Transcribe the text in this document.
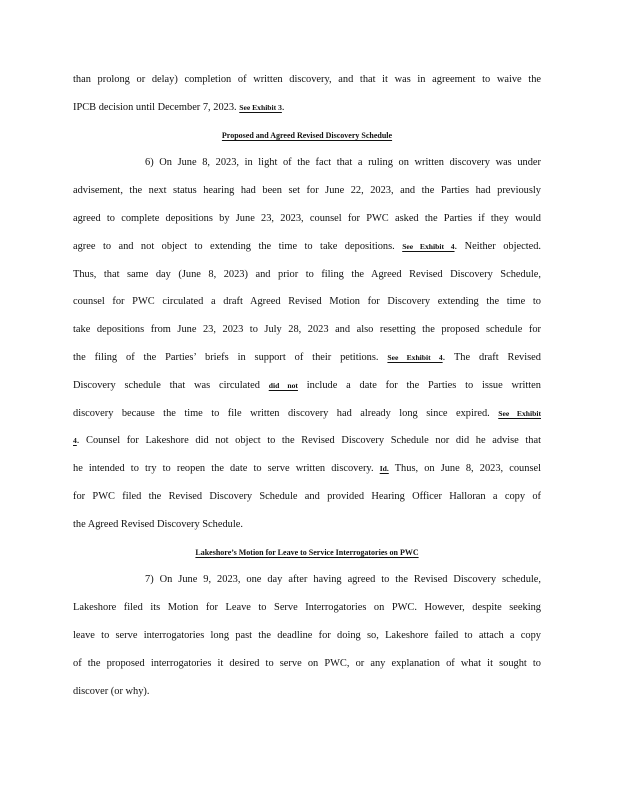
than prolong or delay) completion of written discovery, and that it was in agreement to waive the
IPCB decision until December 7, 2023. See Exhibit 3.
Proposed and Agreed Revised Discovery Schedule
6) On June 8, 2023, in light of the fact that a ruling on written discovery was under
advisement, the next status hearing had been set for June 22, 2023, and the Parties had previously
agreed to complete depositions by June 23, 2023, counsel for PWC asked the Parties if they would
agree to and not object to extending the time to take depositions. See Exhibit 4. Neither objected.
Thus, that same day (June 8, 2023) and prior to filing the Agreed Revised Discovery Schedule,
counsel for PWC circulated a draft Agreed Revised Motion for Discovery extending the time to
take depositions from June 23, 2023 to July 28, 2023 and also resetting the proposed schedule for
the filing of the Parties’ briefs in support of their petitions. See Exhibit 4. The draft Revised
Discovery schedule that was circulated did not include a date for the Parties to issue written
discovery because the time to file written discovery had already long since expired. See Exhibit
4. Counsel for Lakeshore did not object to the Revised Discovery Schedule nor did he advise that
he intended to try to reopen the date to serve written discovery. Id. Thus, on June 8, 2023, counsel
for PWC filed the Revised Discovery Schedule and provided Hearing Officer Halloran a copy of
the Agreed Revised Discovery Schedule.
Lakeshore’s Motion for Leave to Service Interrogatories on PWC
7) On June 9, 2023, one day after having agreed to the Revised Discovery schedule,
Lakeshore filed its Motion for Leave to Serve Interrogatories on PWC. However, despite seeking
leave to serve interrogatories long past the deadline for doing so, Lakeshore failed to attach a copy
of the proposed interrogatories it desired to serve on PWC, or any explanation of what it sought to
discover (or why).
